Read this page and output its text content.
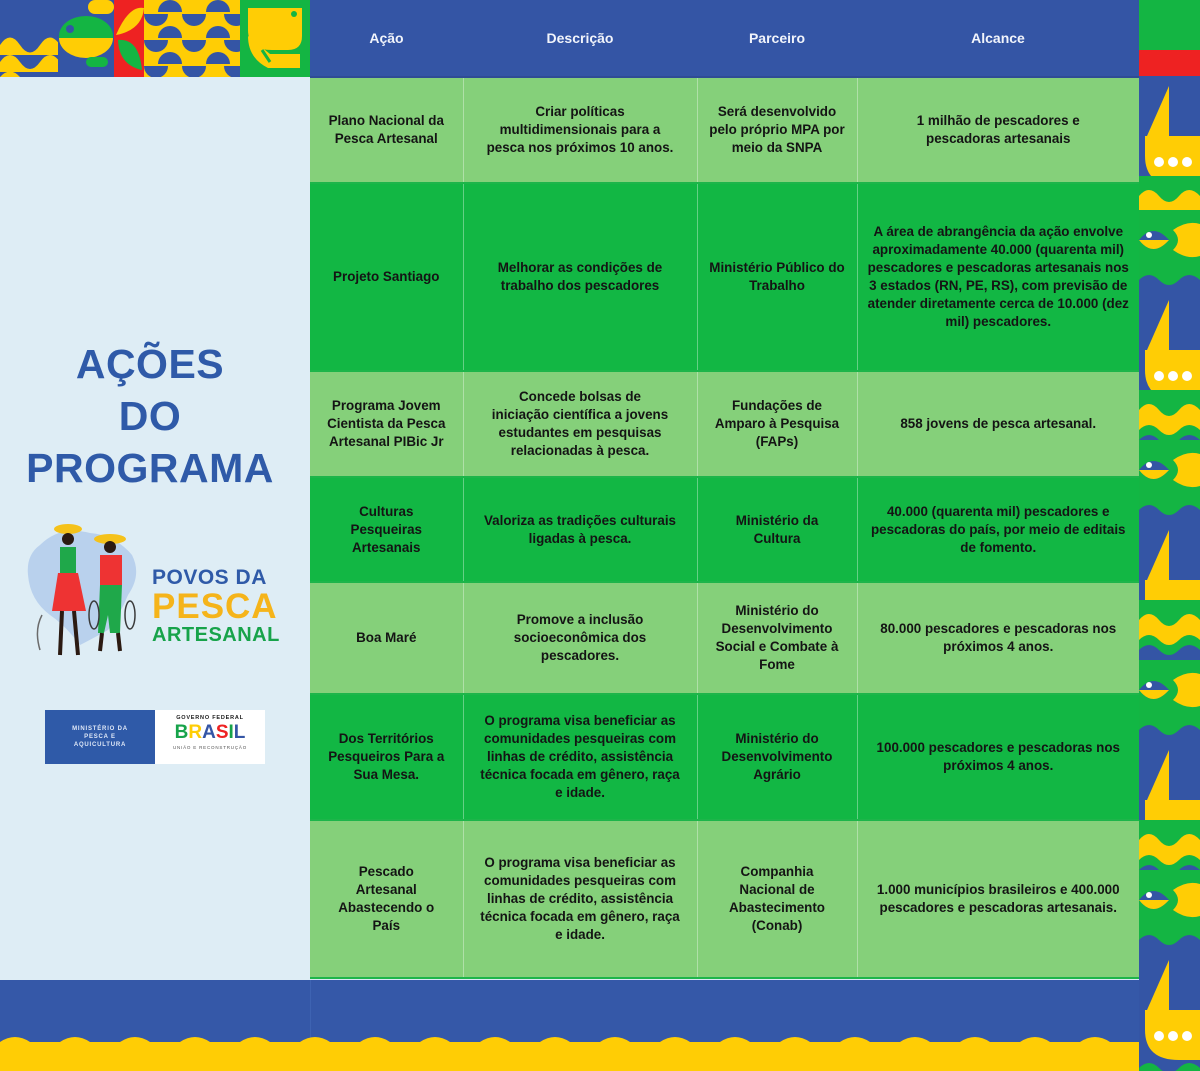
AÇÕES
DO
PROGRAMA
POVOS DA
PESCA
ARTESANAL
MINISTÉRIO DA
PESCA E
AQUICULTURA
GOVERNO FEDERAL
B R A S I L
UNIÃO E RECONSTRUÇÃO
Ação	Descrição	Parceiro	Alcance
Plano Nacional da Pesca Artesanal	Criar políticas multidimensionais para a pesca nos próximos 10 anos.	Será desenvolvido pelo próprio MPA por meio da SNPA	1 milhão de pescadores e pescadoras artesanais
Projeto Santiago	Melhorar as condições de trabalho dos pescadores	Ministério Público do Trabalho	A área de abrangência da ação envolve aproximadamente 40.000 (quarenta mil) pescadores e pescadoras artesanais nos 3 estados (RN, PE, RS), com previsão de atender diretamente cerca de 10.000 (dez mil) pescadores.
Programa Jovem Cientista da Pesca Artesanal PIBic Jr	Concede bolsas de iniciação científica a jovens estudantes em pesquisas relacionadas à pesca.	Fundações de Amparo à Pesquisa (FAPs)	858 jovens de pesca artesanal.
Culturas Pesqueiras Artesanais	Valoriza as tradições culturais ligadas à pesca.	Ministério da Cultura	40.000 (quarenta mil) pescadores e pescadoras do país, por meio de editais de fomento.
Boa Maré	Promove a inclusão socioeconômica dos pescadores.	Ministério do Desenvolvimento Social e Combate à Fome	80.000 pescadores e pescadoras nos próximos 4 anos.
Dos Territórios Pesqueiros Para a Sua Mesa.	O programa visa beneficiar as comunidades pesqueiras com linhas de crédito, assistência técnica focada em gênero, raça e idade.	Ministério do Desenvolvimento Agrário	100.000 pescadores e pescadoras nos próximos 4 anos.
Pescado Artesanal Abastecendo o País	O programa visa beneficiar as comunidades pesqueiras com linhas de crédito, assistência técnica focada em gênero, raça e idade.	Companhia Nacional de Abastecimento (Conab)	1.000 municípios brasileiros e 400.000 pescadores e pescadoras artesanais.
